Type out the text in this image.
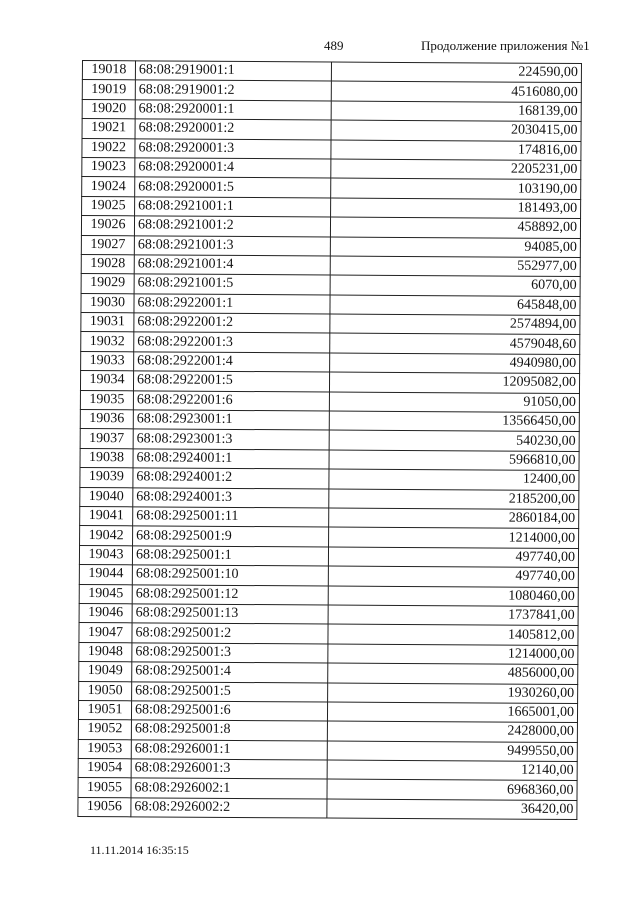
489	Продолжение приложения №1
19018	68:08:2919001:1	224590,00
19019	68:08:2919001:2	4516080,00
19020	68:08:2920001:1	168139,00
19021	68:08:2920001:2	2030415,00
19022	68:08:2920001:3	174816,00
19023	68:08:2920001:4	2205231,00
19024	68:08:2920001:5	103190,00
19025	68:08:2921001:1	181493,00
19026	68:08:2921001:2	458892,00
19027	68:08:2921001:3	94085,00
19028	68:08:2921001:4	552977,00
19029	68:08:2921001:5	6070,00
19030	68:08:2922001:1	645848,00
19031	68:08:2922001:2	2574894,00
19032	68:08:2922001:3	4579048,60
19033	68:08:2922001:4	4940980,00
19034	68:08:2922001:5	12095082,00
19035	68:08:2922001:6	91050,00
19036	68:08:2923001:1	13566450,00
19037	68:08:2923001:3	540230,00
19038	68:08:2924001:1	5966810,00
19039	68:08:2924001:2	12400,00
19040	68:08:2924001:3	2185200,00
19041	68:08:2925001:11	2860184,00
19042	68:08:2925001:9	1214000,00
19043	68:08:2925001:1	497740,00
19044	68:08:2925001:10	497740,00
19045	68:08:2925001:12	1080460,00
19046	68:08:2925001:13	1737841,00
19047	68:08:2925001:2	1405812,00
19048	68:08:2925001:3	1214000,00
19049	68:08:2925001:4	4856000,00
19050	68:08:2925001:5	1930260,00
19051	68:08:2925001:6	1665001,00
19052	68:08:2925001:8	2428000,00
19053	68:08:2926001:1	9499550,00
19054	68:08:2926001:3	12140,00
19055	68:08:2926002:1	6968360,00
19056	68:08:2926002:2	36420,00
11.11.2014 16:35:15
